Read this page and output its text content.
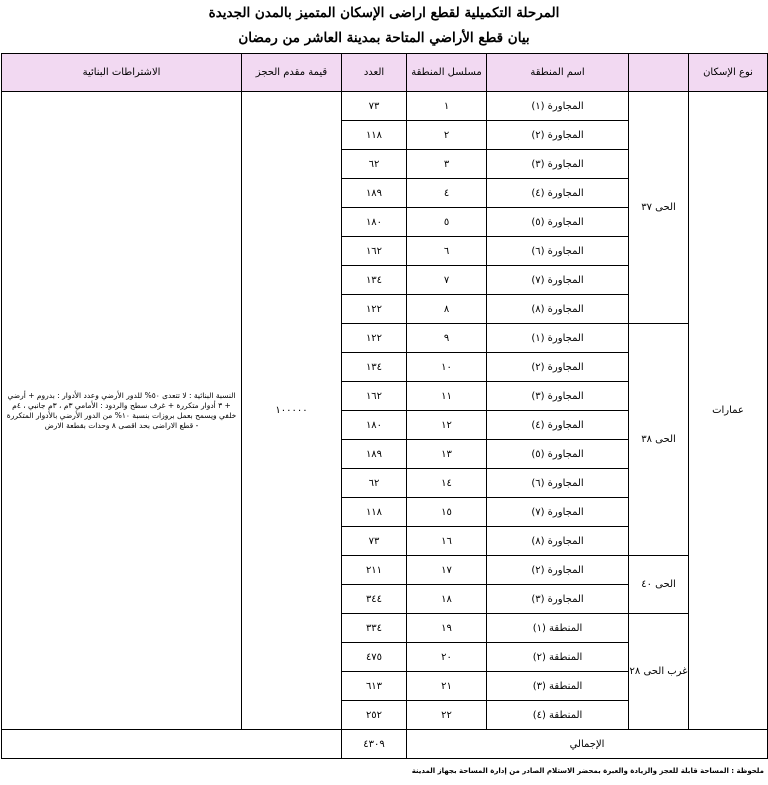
المرحلة التكميلية لقطع اراضى الإسكان المتميز بالمدن الجديدة
بيان قطع الأراضي المتاحة بمدينة العاشر من رمضان
الاشتراطات البنائية	قيمة مقدم الحجز	العدد	مسلسل المنطقة	اسم المنطقة		نوع الإسكان
النسبة البنائية : لا تتعدى ٥٠% للدور الأرضي وعدد الأدوار : بدروم + أرضي + ٣ أدوار متكررة + غرف سطح والردود : الأمامي ٣م ، ٣م جانبي ، ٤م خلفي ويسمح بعمل بروزات بنسبة ١٠% من الدور الأرضي بالأدوار المتكررة - قطع الاراضى بحد اقصى ٨ وحدات بقطعة الارض	١٠٠٠٠٠	٧٣	١	المجاورة (١)	الحى ٣٧	عمارات
		١١٨	٢	المجاورة (٢)		
		٦٢	٣	المجاورة (٣)		
		١٨٩	٤	المجاورة (٤)		
		١٨٠	٥	المجاورة (٥)		
		١٦٢	٦	المجاورة (٦)		
		١٣٤	٧	المجاورة (٧)		
		١٢٢	٨	المجاورة (٨)		
		١٢٢	٩	المجاورة (١)	الحى ٣٨	
		١٣٤	١٠	المجاورة (٢)		
		١٦٢	١١	المجاورة (٣)		
		١٨٠	١٢	المجاورة (٤)		
		١٨٩	١٣	المجاورة (٥)		
		٦٢	١٤	المجاورة (٦)		
		١١٨	١٥	المجاورة (٧)		
		٧٣	١٦	المجاورة (٨)		
		٢١١	١٧	المجاورة (٢)	الحى ٤٠	
		٣٤٤	١٨	المجاورة (٣)		
		٣٣٤	١٩	المنطقة (١)	غرب الحى ٢٨	
		٤٧٥	٢٠	المنطقة (٢)		
		٦١٣	٢١	المنطقة (٣)		
		٢٥٢	٢٢	المنطقة (٤)		
		٤٣٠٩	الإجمالي			
ملحوظة : المساحة قابلة للعجز والزيادة والعبرة بمحضر الاستلام الصادر من إدارة المساحة بجهاز المدينة
